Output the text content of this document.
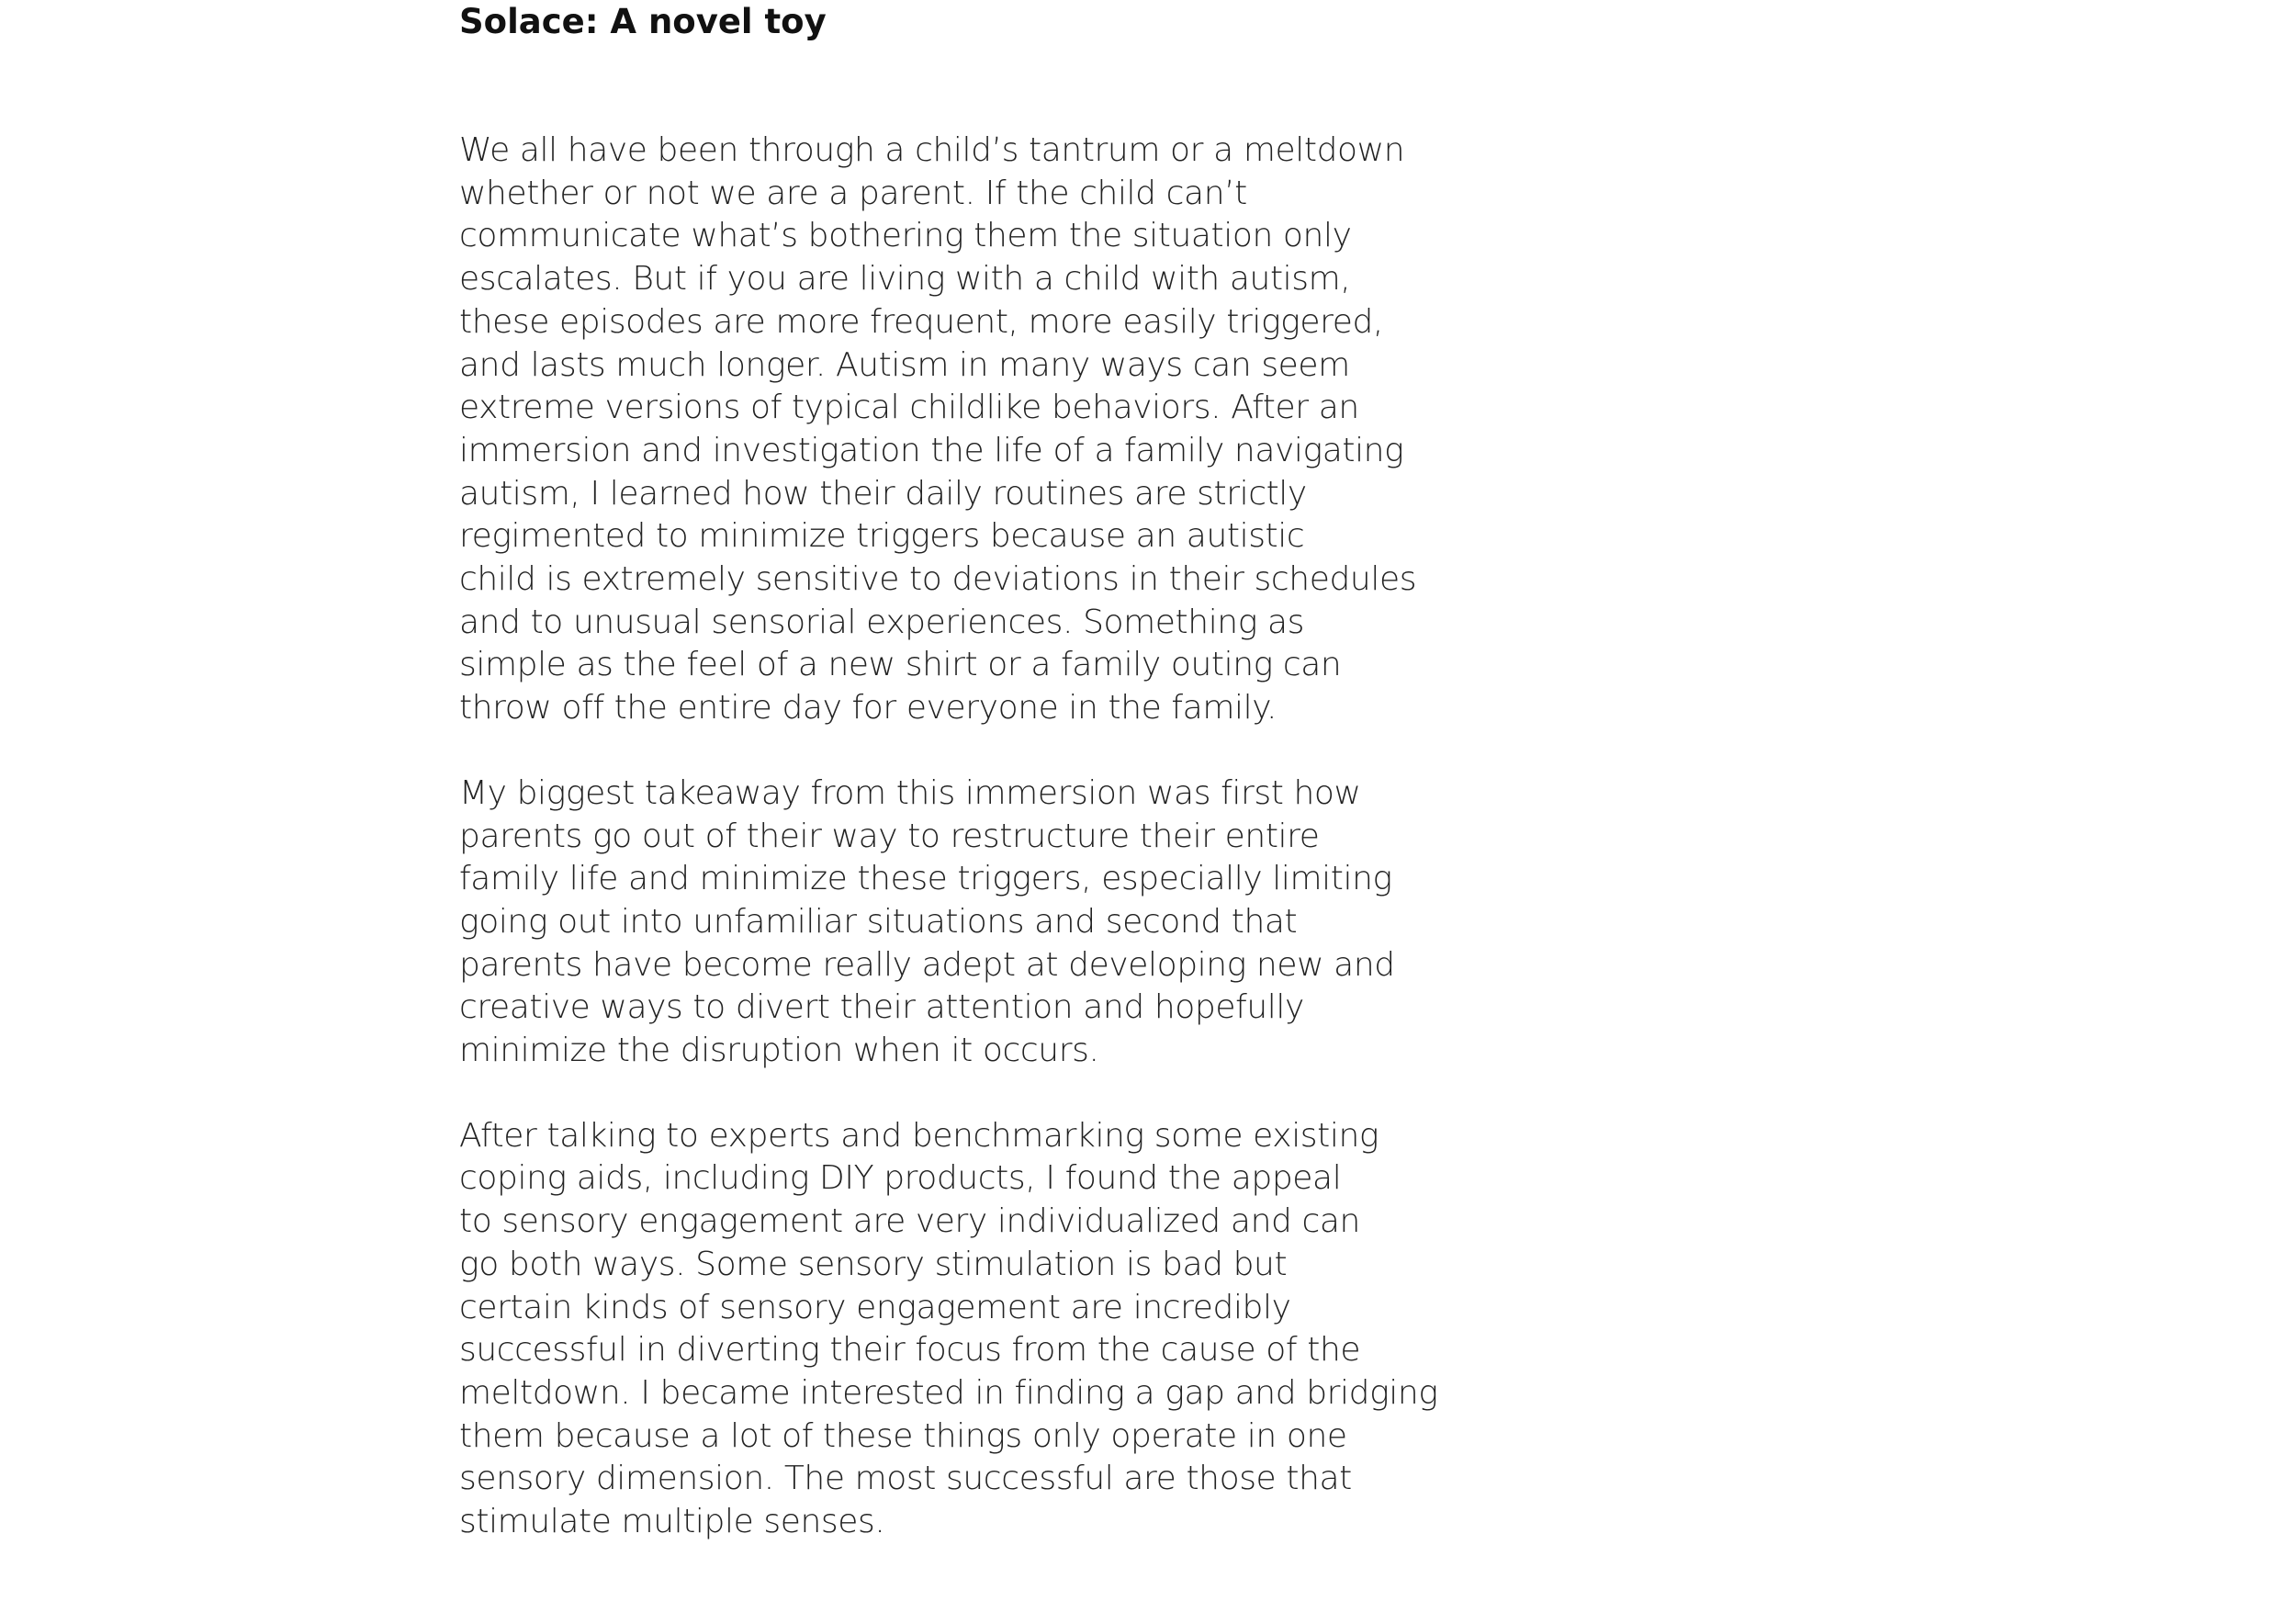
Solace: A novel toy

We all have been through a child’s tantrum or a meltdown
whether or not we are a parent. If the child can’t
communicate what’s bothering them the situation only
escalates. But if you are living with a child with autism,
these episodes are more frequent, more easily triggered,
and lasts much longer. Autism in many ways can seem
extreme versions of typical childlike behaviors. After an
immersion and investigation the life of a family navigating
autism, I learned how their daily routines are strictly
regimented to minimize triggers because an autistic
child is extremely sensitive to deviations in their schedules
and to unusual sensorial experiences. Something as
simple as the feel of a new shirt or a family outing can
throw off the entire day for everyone in the family.

My biggest takeaway from this immersion was first how
parents go out of their way to restructure their entire
family life and minimize these triggers, especially limiting
going out into unfamiliar situations and second that
parents have become really adept at developing new and
creative ways to divert their attention and hopefully
minimize the disruption when it occurs.

After talking to experts and benchmarking some existing
coping aids, including DIY products, I found the appeal
to sensory engagement are very individualized and can
go both ways. Some sensory stimulation is bad but
certain kinds of sensory engagement are incredibly
successful in diverting their focus from the cause of the
meltdown. I became interested in finding a gap and bridging
them because a lot of these things only operate in one
sensory dimension. The most successful are those that
stimulate multiple senses.
